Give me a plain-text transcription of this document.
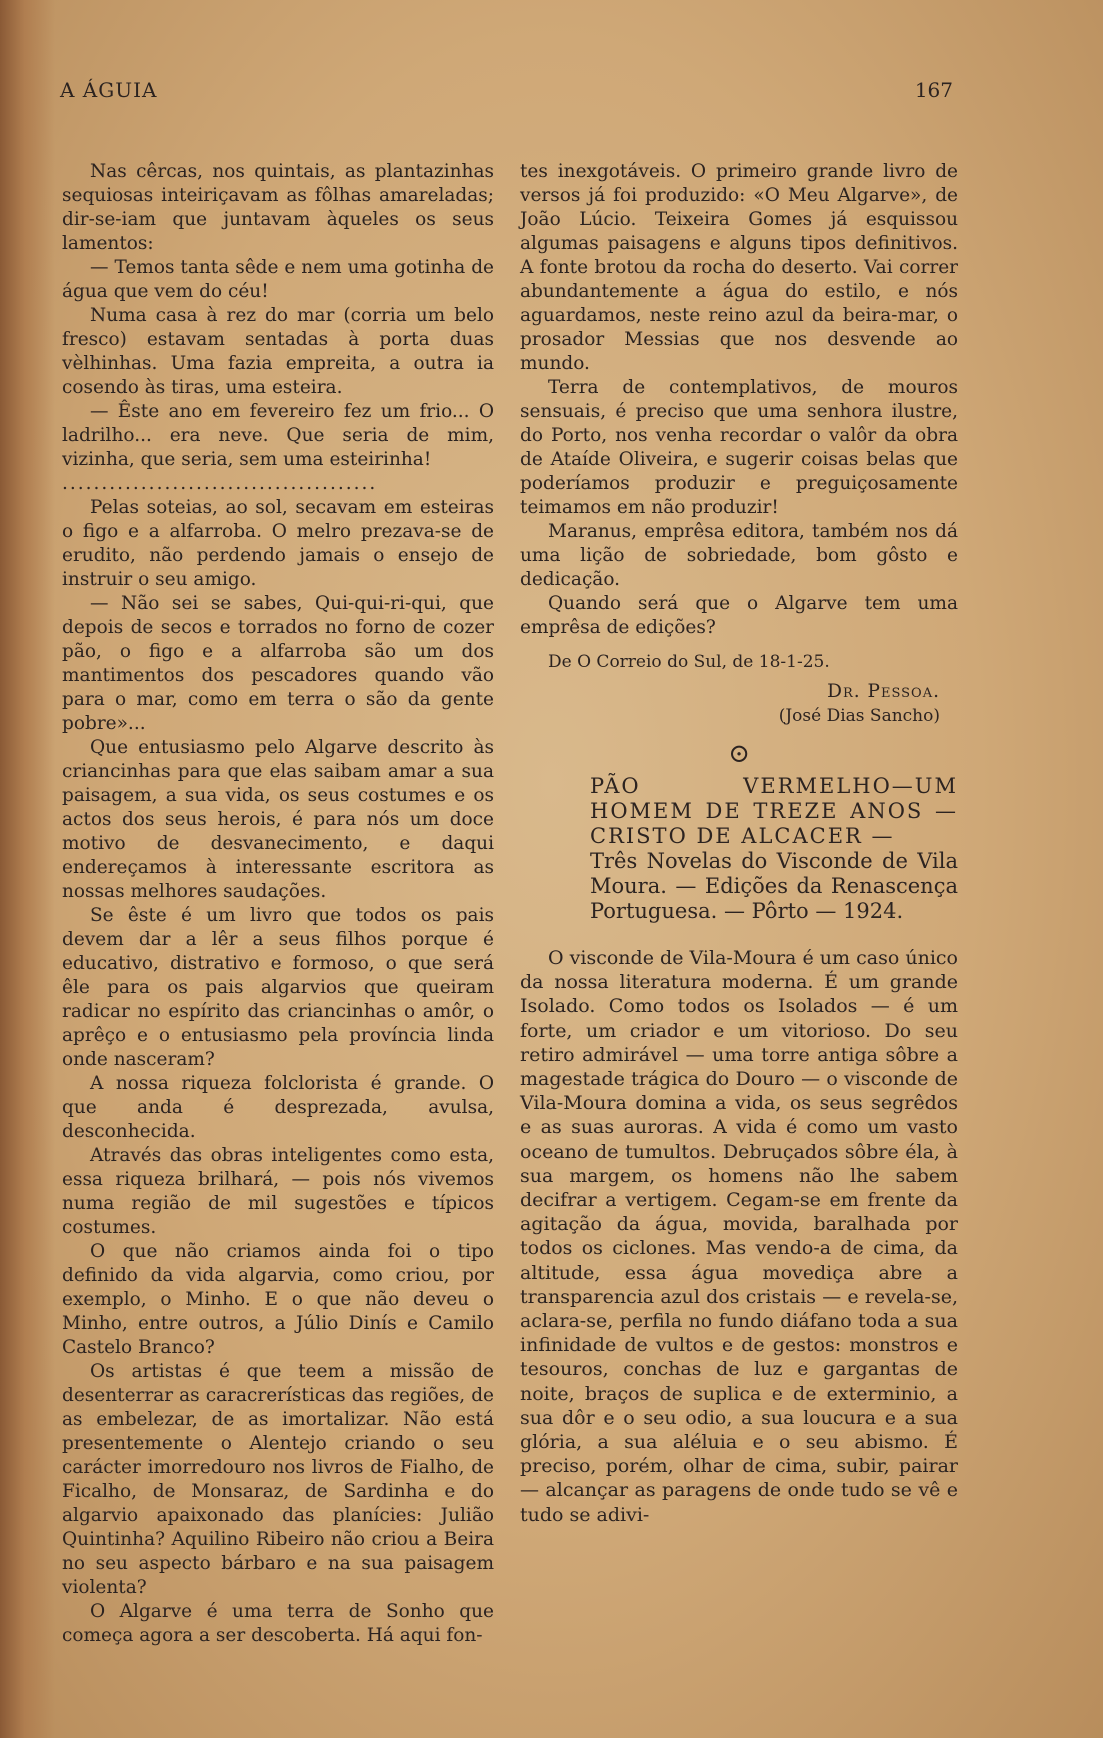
A ÁGUIA	167

Nas cêrcas, nos quintais, as plantazinhas sequiosas inteiriçavam as fôlhas amareladas; dir-se-iam que juntavam àqueles os seus lamentos:

— Temos tanta sêde e nem uma gotinha de água que vem do céu!

Numa casa à rez do mar (corria um belo fresco) estavam sentadas à porta duas vèlhinhas. Uma fazia empreita, a outra ia cosendo às tiras, uma esteira.

— Êste ano em fevereiro fez um frio... O ladrilho... era neve. Que seria de mim, vizinha, que seria, sem uma esteirinha!

........................................

Pelas soteias, ao sol, secavam em esteiras o figo e a alfarroba. O melro prezava-se de erudito, não perdendo jamais o ensejo de instruir o seu amigo.

— Não sei se sabes, Qui-qui-ri-qui, que depois de secos e torrados no forno de cozer pão, o figo e a alfarroba são um dos mantimentos dos pescadores quando vão para o mar, como em terra o são da gente pobre»...

Que entusiasmo pelo Algarve descrito às criancinhas para que elas saibam amar a sua paisagem, a sua vida, os seus costumes e os actos dos seus herois, é para nós um doce motivo de desvanecimento, e daqui endereçamos à interessante escritora as nossas melhores saudações.

Se êste é um livro que todos os pais devem dar a lêr a seus filhos porque é educativo, distrativo e formoso, o que será êle para os pais algarvios que queiram radicar no espírito das criancinhas o amôr, o aprêço e o entusiasmo pela província linda onde nasceram?

A nossa riqueza folclorista é grande. O que anda é desprezada, avulsa, desconhecida.

Através das obras inteligentes como esta, essa riqueza brilhará, — pois nós vivemos numa região de mil sugestões e típicos costumes.

O que não criamos ainda foi o tipo definido da vida algarvia, como criou, por exemplo, o Minho. E o que não deveu o Minho, entre outros, a Júlio Dinís e Camilo Castelo Branco?

Os artistas é que teem a missão de desenterrar as caracrerísticas das regiões, de as embelezar, de as imortalizar. Não está presentemente o Alentejo criando o seu carácter imorredouro nos livros de Fialho, de Ficalho, de Monsaraz, de Sardinha e do algarvio apaixonado das planícies: Julião Quintinha? Aquilino Ribeiro não criou a Beira no seu aspecto bárbaro e na sua paisagem violenta?

O Algarve é uma terra de Sonho que começa agora a ser descoberta. Há aqui fon-

tes inexgotáveis. O primeiro grande livro de versos já foi produzido: «O Meu Algarve», de João Lúcio. Teixeira Gomes já esquissou algumas paisagens e alguns tipos definitivos. A fonte brotou da rocha do deserto. Vai correr abundantemente a água do estilo, e nós aguardamos, neste reino azul da beira-mar, o prosador Messias que nos desvende ao mundo.

Terra de contemplativos, de mouros sensuais, é preciso que uma senhora ilustre, do Porto, nos venha recordar o valôr da obra de Ataíde Oliveira, e sugerir coisas belas que poderíamos produzir e preguiçosamente teimamos em não produzir!

Maranus, emprêsa editora, também nos dá uma lição de sobriedade, bom gôsto e dedicação.

Quando será que o Algarve tem uma emprêsa de edições?

De O Correio do Sul, de 18-1-25.

Dr. Pessoa.

(José Dias Sancho)

⊙
PÃO VERMELHO—UM HOMEM DE TREZE ANOS —CRISTO DE ALCACER —
Três Novelas do Visconde de Vila Moura. — Edições da Renascença Portuguesa. — Pôrto — 1924.

O visconde de Vila-Moura é um caso único da nossa literatura moderna. É um grande Isolado. Como todos os Isolados — é um forte, um criador e um vitorioso. Do seu retiro admirável — uma torre antiga sôbre a magestade trágica do Douro — o visconde de Vila-Moura domina a vida, os seus segrêdos e as suas auroras. A vida é como um vasto oceano de tumultos. Debruçados sôbre éla, à sua margem, os homens não lhe sabem decifrar a vertigem. Cegam-se em frente da agitação da água, movida, baralhada por todos os ciclones. Mas vendo-a de cima, da altitude, essa água movediça abre a transparencia azul dos cristais — e revela-se, aclara-se, perfila no fundo diáfano toda a sua infinidade de vultos e de gestos: monstros e tesouros, conchas de luz e gargantas de noite, braços de suplica e de exterminio, a sua dôr e o seu odio, a sua loucura e a sua glória, a sua aléluia e o seu abismo. É preciso, porém, olhar de cima, subir, pairar — alcançar as paragens de onde tudo se vê e tudo se adivi-
